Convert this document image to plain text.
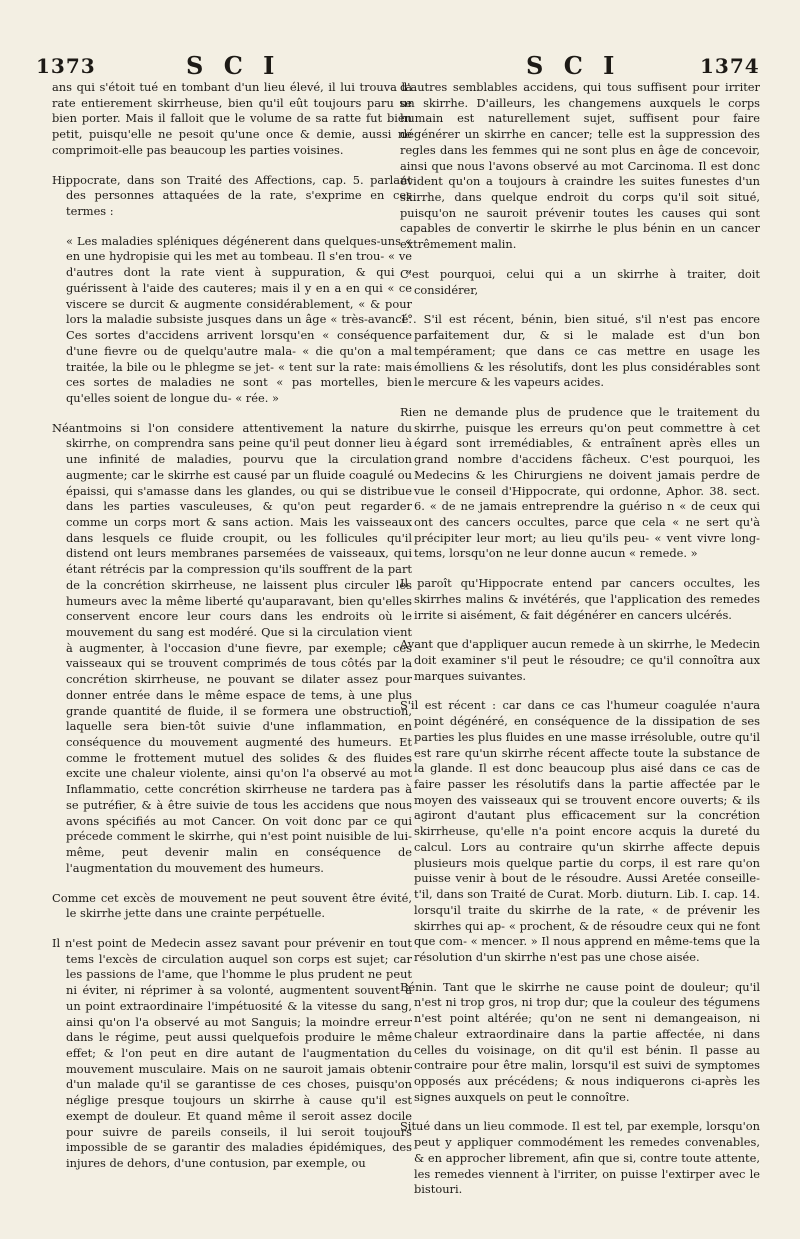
1373	S C I	S C I	1374

ans qui s'étoit tué en tombant d'un lieu élevé, il lui trouva la rate entierement skirrheuse, bien qu'il eût toujours paru se bien porter. Mais il falloit que le volume de sa ratte fut bien petit, puisqu'elle ne pesoit qu'une once & demie, aussi ne comprimoit-elle pas beaucoup les parties voisines.

Hippocrate, dans son Traité des Affections, cap. 5. parlant des personnes attaquées de la rate, s'exprime en ces termes :

« Les maladies spléniques dégénerent dans quelques-uns « en une hydropisie qui les met au tombeau. Il s'en trou- « ve d'autres dont la rate vient à suppuration, & qui « guérissent à l'aide des cauteres; mais il y en a en qui « ce viscere se durcit & augmente considérablement, « & pour lors la maladie subsiste jusques dans un âge « très-avancé. Ces sortes d'accidens arrivent lorsqu'en « conséquence d'une fievre ou de quelqu'autre mala- « die qu'on a mal traitée, la bile ou le phlegme se jet- « tent sur la rate: mais ces sortes de maladies ne sont « pas mortelles, bien qu'elles soient de longue du- « rée. »

Néantmoins si l'on considere attentivement la nature du skirrhe, on comprendra sans peine qu'il peut donner lieu à une infinité de maladies, pourvu que la circulation augmente; car le skirrhe est causé par un fluide coagulé ou épaissi, qui s'amasse dans les glandes, ou qui se distribue dans les parties vasculeuses, & qu'on peut regarder comme un corps mort & sans action. Mais les vaisseaux dans lesquels ce fluide croupit, ou les follicules qu'il distend ont leurs membranes parsemées de vaisseaux, qui étant rétrécis par la compression qu'ils souffrent de la part de la concrétion skirrheuse, ne laissent plus circuler les humeurs avec la même liberté qu'auparavant, bien qu'elles conservent encore leur cours dans les endroits où le mouvement du sang est modéré. Que si la circulation vient à augmenter, à l'occasion d'une fievre, par exemple; ces vaisseaux qui se trouvent comprimés de tous côtés par la concrétion skirrheuse, ne pouvant se dilater assez pour donner entrée dans le même espace de tems, à une plus grande quantité de fluide, il se formera une obstruction, laquelle sera bien-tôt suivie d'une inflammation, en conséquence du mouvement augmenté des humeurs. Et comme le frottement mutuel des solides & des fluides excite une chaleur violente, ainsi qu'on l'a observé au mot Inflammatio, cette concrétion skirrheuse ne tardera pas à se putréfier, & à être suivie de tous les accidens que nous avons spécifiés au mot Cancer. On voit donc par ce qui précede comment le skirrhe, qui n'est point nuisible de lui-même, peut devenir malin en conséquence de l'augmentation du mouvement des humeurs.

Comme cet excès de mouvement ne peut souvent être évité, le skirrhe jette dans une crainte perpétuelle.

Il n'est point de Medecin assez savant pour prévenir en tout tems l'excès de circulation auquel son corps est sujet; car les passions de l'ame, que l'homme le plus prudent ne peut ni éviter, ni réprimer à sa volonté, augmentent souvent à un point extraordinaire l'impétuosité & la vitesse du sang, ainsi qu'on l'a observé au mot Sanguis; la moindre erreur dans le régime, peut aussi quelquefois produire le même effet; & l'on peut en dire autant de l'augmentation du mouvement musculaire. Mais on ne sauroit jamais obtenir d'un malade qu'il se garantisse de ces choses, puisqu'on néglige presque toujours un skirrhe à cause qu'il est exempt de douleur. Et quand même il seroit assez docile pour suivre de pareils conseils, il lui seroit toujours impossible de se garantir des maladies épidémiques, des injures de dehors, d'une contusion, par exemple, ou

d'autres semblables accidens, qui tous suffisent pour irriter un skirrhe. D'ailleurs, les changemens auxquels le corps humain est naturellement sujet, suffisent pour faire dégénérer un skirrhe en cancer; telle est la suppression des regles dans les femmes qui ne sont plus en âge de concevoir, ainsi que nous l'avons observé au mot Carcinoma. Il est donc évident qu'on a toujours à craindre les suites funestes d'un skirrhe, dans quelque endroit du corps qu'il soit situé, puisqu'on ne sauroit prévenir toutes les causes qui sont capables de convertir le skirrhe le plus bénin en un cancer extrêmement malin.

C'est pourquoi, celui qui a un skirrhe à traiter, doit considérer,

1°. S'il est récent, bénin, bien situé, s'il n'est pas encore parfaitement dur, & si le malade est d'un bon tempérament; que dans ce cas mettre en usage les émolliens & les résolutifs, dont les plus considérables sont le mercure & les vapeurs acides.

Rien ne demande plus de prudence que le traitement du skirrhe, puisque les erreurs qu'on peut commettre à cet égard sont irremédiables, & entraînent après elles un grand nombre d'accidens fâcheux. C'est pourquoi, les Medecins & les Chirurgiens ne doivent jamais perdre de vue le conseil d'Hippocrate, qui ordonne, Aphor. 38. sect. 6. « de ne jamais entreprendre la guériso n « de ceux qui ont des cancers occultes, parce que cela « ne sert qu'à précipiter leur mort; au lieu qu'ils peu- « vent vivre long-tems, lorsqu'on ne leur donne aucun « remede. »

Il paroît qu'Hippocrate entend par cancers occultes, les skirrhes malins & invétérés, que l'application des remedes irrite si aisément, & fait dégénérer en cancers ulcérés.

Avant que d'appliquer aucun remede à un skirrhe, le Medecin doit examiner s'il peut le résoudre; ce qu'il connoîtra aux marques suivantes.

S'il est récent : car dans ce cas l'humeur coagulée n'aura point dégénéré, en conséquence de la dissipation de ses parties les plus fluides en une masse irrésoluble, outre qu'il est rare qu'un skirrhe récent affecte toute la substance de la glande. Il est donc beaucoup plus aisé dans ce cas de faire passer les résolutifs dans la partie affectée par le moyen des vaisseaux qui se trouvent encore ouverts; & ils agiront d'autant plus efficacement sur la concrétion skirrheuse, qu'elle n'a point encore acquis la dureté du calcul. Lors au contraire qu'un skirrhe affecte depuis plusieurs mois quelque partie du corps, il est rare qu'on puisse venir à bout de le résoudre. Aussi Aretée conseille-t'il, dans son Traité de Curat. Morb. diuturn. Lib. I. cap. 14. lorsqu'il traite du skirrhe de la rate, « de prévenir les skirrhes qui ap- « prochent, & de résoudre ceux qui ne font que com- « mencer. » Il nous apprend en même-tems que la résolution d'un skirrhe n'est pas une chose aisée.

Bénin. Tant que le skirrhe ne cause point de douleur; qu'il n'est ni trop gros, ni trop dur; que la couleur des tégumens n'est point altérée; qu'on ne sent ni demangeaison, ni chaleur extraordinaire dans la partie affectée, ni dans celles du voisinage, on dit qu'il est bénin. Il passe au contraire pour être malin, lorsqu'il est suivi de symptomes opposés aux précédens; & nous indiquerons ci-après les signes auxquels on peut le connoître.

Situé dans un lieu commode. Il est tel, par exemple, lorsqu'on peut y appliquer commodément les remedes convenables, & en approcher librement, afin que si, contre toute attente, les remedes viennent à l'irriter, on puisse l'extirper avec le bistouri.
